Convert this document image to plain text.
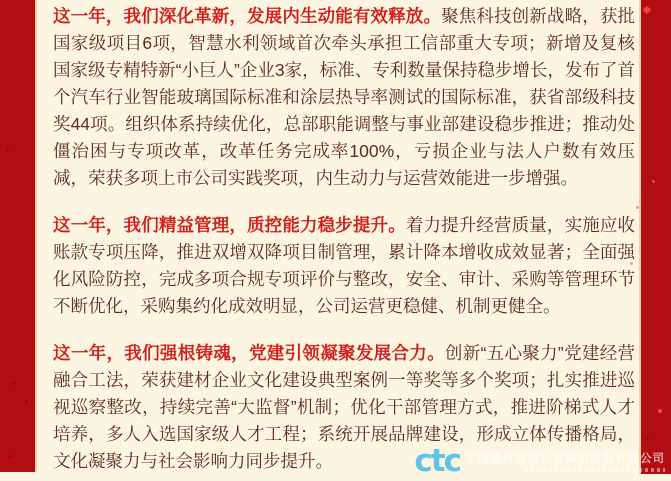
这一年，我们深化革新，发展内生动能有效释放。聚焦科技创新战略，获批国家级项目6项，智慧水利领域首次牵头承担工信部重大专项；新增及复核国家级专精特新“小巨人”企业3家，标准、专利数量保持稳步增长，发布了首个汽车行业智能玻璃国际标准和涂层热导率测试的国际标准，获省部级科技奖44项。组织体系持续优化，总部职能调整与事业部建设稳步推进；推动处僵治困与专项改革，改革任务完成率100%，亏损企业与法人户数有效压减，荣获多项上市公司实践奖项，内生动力与运营效能进一步增强。

这一年，我们精益管理，质控能力稳步提升。着力提升经营质量，实施应收账款专项压降，推进双增双降项目制管理，累计降本增收成效显著；全面强化风险防控，完成多项合规专项评价与整改，安全、审计、采购等管理环节不断优化，采购集约化成效明显，公司运营更稳健、机制更健全。

这一年，我们强根铸魂，党建引领凝聚发展合力。创新“五心聚力”党建经营融合工法，荣获建材企业文化建设典型案例一等奖等多个奖项；扎实推进巡视巡察整改，持续完善“大监督”机制；优化干部管理方式，推进阶梯式人才培养，多人入选国家级人才工程；系统开展品牌建设，形成立体传播格局，文化凝聚力与社会影响力同步提升。	ctc 中国建材检验认证集团股份有限公司
